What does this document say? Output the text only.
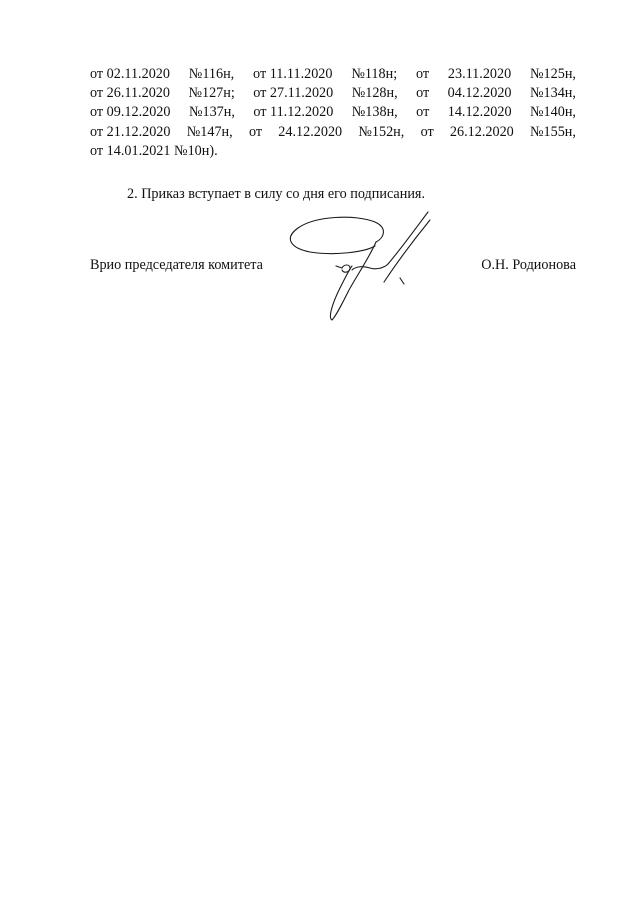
от 02.11.2020 №116н, от 11.11.2020 №118н; от 23.11.2020 №125н,
от 26.11.2020 №127н; от 27.11.2020 №128н, от 04.12.2020 №134н,
от 09.12.2020 №137н, от 11.12.2020 №138н, от 14.12.2020 №140н,
от 21.12.2020 №147н, от 24.12.2020 №152н, от 26.12.2020 №155н,
от 14.01.2021 №10н).
2. Приказ вступает в силу со дня его подписания.
Врио председателя комитета	О.Н. Родионова
